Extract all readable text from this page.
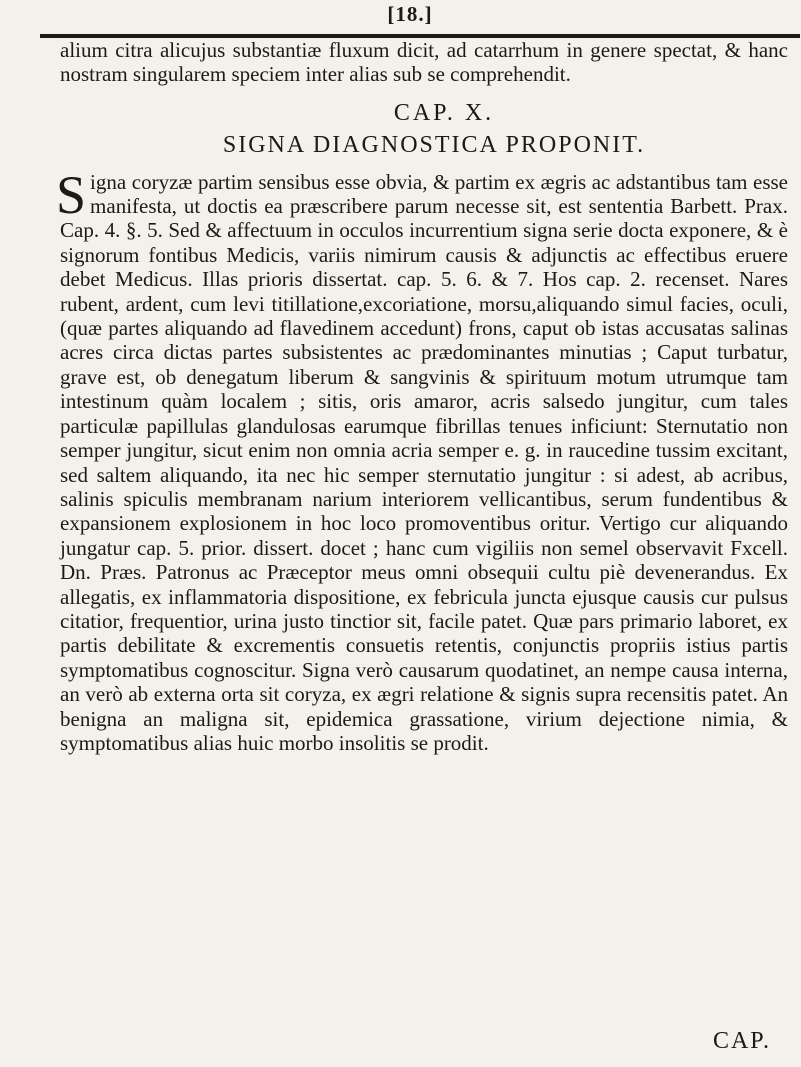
[18.]

alium citra alicujus substantiæ fluxum dicit, ad catarrhum in genere spectat, & hanc nostram singularem speciem inter alias sub se comprehendit.

CAP. X.
SIGNA DIAGNOSTICA PROPONIT.

Signa coryzæ partim sensibus esse obvia, & partim ex ægris ac adstantibus tam esse manifesta, ut doctis ea præscribere parum necesse sit, est sententia Barbett. Prax. Cap. 4. §. 5. Sed & affectuum in occulos incurrentium signa serie docta exponere, & è signorum fontibus Medicis, variis nimirum causis & adjunctis ac effectibus eruere debet Medicus. Illas prioris dissertat. cap. 5. 6. & 7. Hos cap. 2. recenset. Nares rubent, ardent, cum levi titillatione,excoriatione, morsu,aliquando simul facies, oculi, (quæ partes aliquando ad flavedinem accedunt) frons, caput ob istas accusatas salinas acres circa dictas partes subsistentes ac prædominantes minutias ; Caput turbatur, grave est, ob denegatum liberum & sangvinis & spirituum motum utrumque tam intestinum quàm localem ; sitis, oris amaror, acris salsedo jungitur, cum tales particulæ papillulas glandulosas earumque fibrillas tenues inficiunt: Sternutatio non semper jungitur, sicut enim non omnia acria semper e. g. in raucedine tussim excitant, sed saltem aliquando, ita nec hic semper sternutatio jungitur : si adest, ab acribus, salinis spiculis membranam narium interiorem vellicantibus, serum fundentibus & expansionem explosionem in hoc loco promoventibus oritur. Vertigo cur aliquando jungatur cap. 5. prior. dissert. docet ; hanc cum vigiliis non semel observavit Fxcell. Dn. Præs. Patronus ac Præceptor meus omni obsequii cultu piè devenerandus. Ex allegatis, ex inflammatoria dispositione, ex febricula juncta ejusque causis cur pulsus citatior, frequentior, urina justo tinctior sit, facile patet. Quæ pars primario laboret, ex partis debilitate & excrementis consuetis retentis, conjunctis propriis istius partis symptomatibus cognoscitur. Signa verò causarum quodatinet, an nempe causa interna, an verò ab externa orta sit coryza, ex ægri relatione & signis supra recensitis patet. An benigna an maligna sit, epidemica grassatione, virium dejectione nimia, & symptomatibus alias huic morbo insolitis se prodit.

CAP.
